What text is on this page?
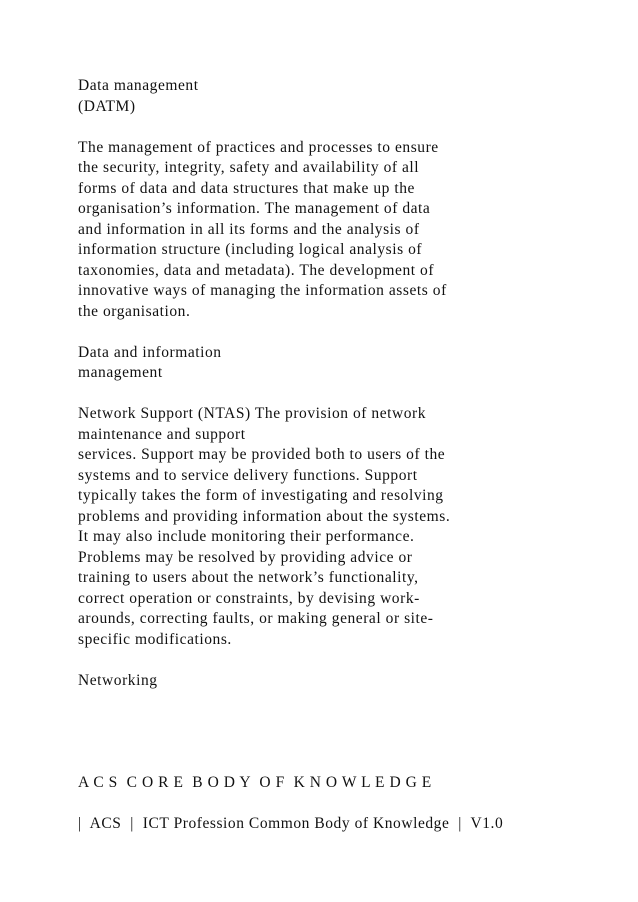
Data management
(DATM)
The management of practices and processes to ensure
the security, integrity, safety and availability of all
forms of data and data structures that make up the
organisation’s information. The management of data
and information in all its forms and the analysis of
information structure (including logical analysis of
taxonomies, data and metadata). The development of
innovative ways of managing the information assets of
the organisation.
Data and information
management
Network Support (NTAS) The provision of network
maintenance and support
services. Support may be provided both to users of the
systems and to service delivery functions. Support
typically takes the form of investigating and resolving
problems and providing information about the systems.
It may also include monitoring their performance.
Problems may be resolved by providing advice or
training to users about the network’s functionality,
correct operation or constraints, by devising work-
arounds, correcting faults, or making general or site-
specific modifications.
Networking
A C S  C O R E  B O D Y  O F  K N O W L E D G E
|  ACS  |  ICT Profession Common Body of Knowledge  |  V1.0
